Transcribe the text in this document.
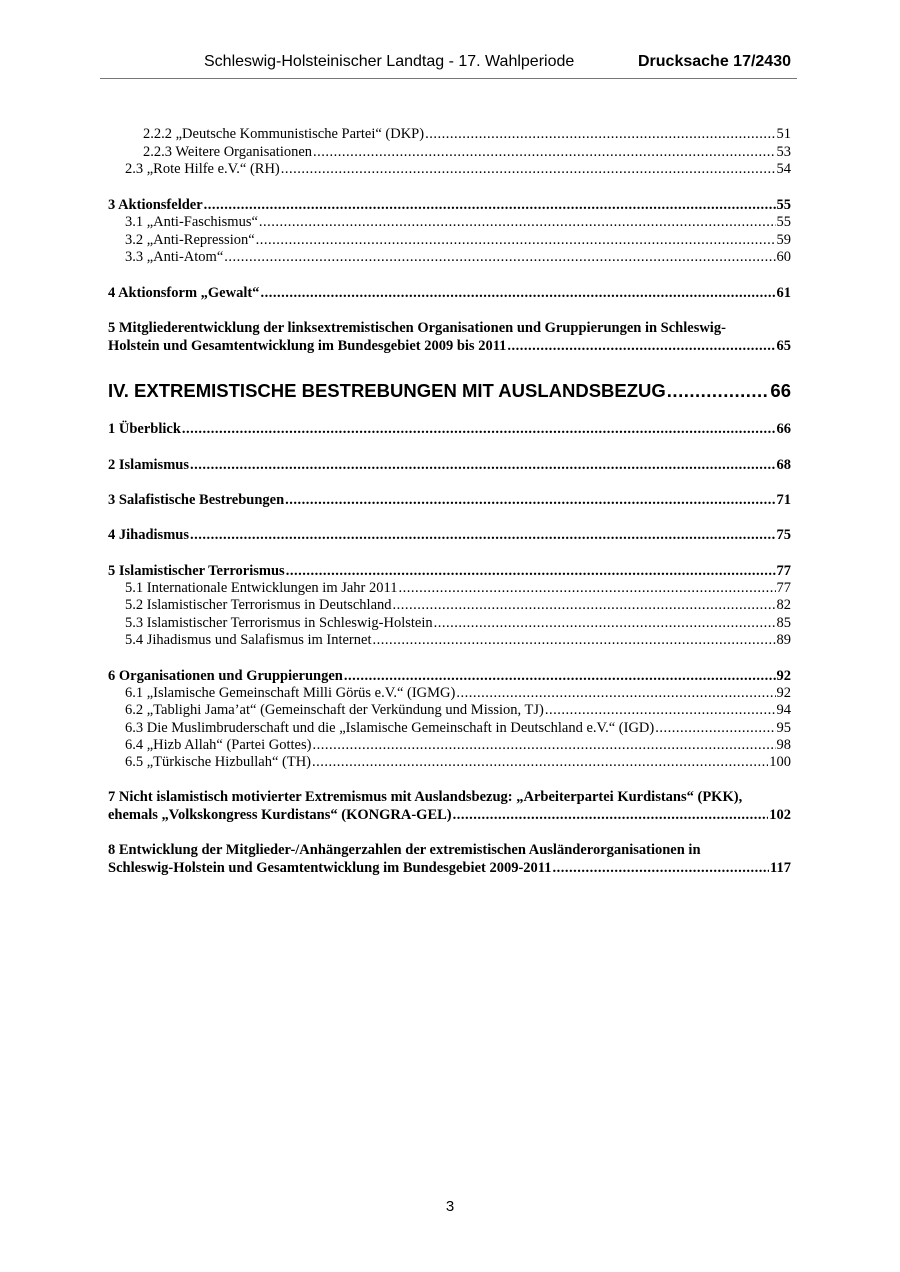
Schleswig-Holsteinischer Landtag - 17. Wahlperiode	Drucksache 17/2430
2.2.2 „Deutsche Kommunistische Partei“ (DKP) .....	51
2.2.3 Weitere Organisationen .....	53
2.3 „Rote Hilfe e.V.“ (RH) .....	54
3 Aktionsfelder .....	55
3.1 „Anti-Faschismus“ .....	55
3.2 „Anti-Repression“ .....	59
3.3 „Anti-Atom“ .....	60
4 Aktionsform „Gewalt“ .....	61
5 Mitgliederentwicklung der linksextremistischen Organisationen und Gruppierungen in Schleswig-
Holstein und Gesamtentwicklung im Bundesgebiet 2009 bis 2011 .....	65
IV. EXTREMISTISCHE BESTREBUNGEN MIT AUSLANDSBEZUG .....	66
1 Überblick .....	66
2 Islamismus .....	68
3 Salafistische Bestrebungen .....	71
4 Jihadismus .....	75
5 Islamistischer Terrorismus .....	77
5.1 Internationale Entwicklungen im Jahr 2011 .....	77
5.2 Islamistischer Terrorismus in Deutschland .....	82
5.3 Islamistischer Terrorismus in Schleswig-Holstein .....	85
5.4 Jihadismus und Salafismus im Internet .....	89
6 Organisationen und Gruppierungen .....	92
6.1 „Islamische Gemeinschaft Milli Görüs e.V.“ (IGMG) .....	92
6.2 „Tablighi Jama’at“ (Gemeinschaft der Verkündung und Mission, TJ) .....	94
6.3 Die Muslimbruderschaft und die „Islamische Gemeinschaft in Deutschland e.V.“ (IGD) .....	95
6.4 „Hizb Allah“ (Partei Gottes) .....	98
6.5 „Türkische Hizbullah“ (TH) .....	100
7 Nicht islamistisch motivierter Extremismus mit Auslandsbezug: „Arbeiterpartei Kurdistans“ (PKK),
ehemals „Volkskongress Kurdistans“ (KONGRA-GEL) .....	102
8 Entwicklung der Mitglieder-/Anhängerzahlen der extremistischen Ausländerorganisationen in
Schleswig-Holstein und Gesamtentwicklung im Bundesgebiet 2009-2011 .....	117
3
